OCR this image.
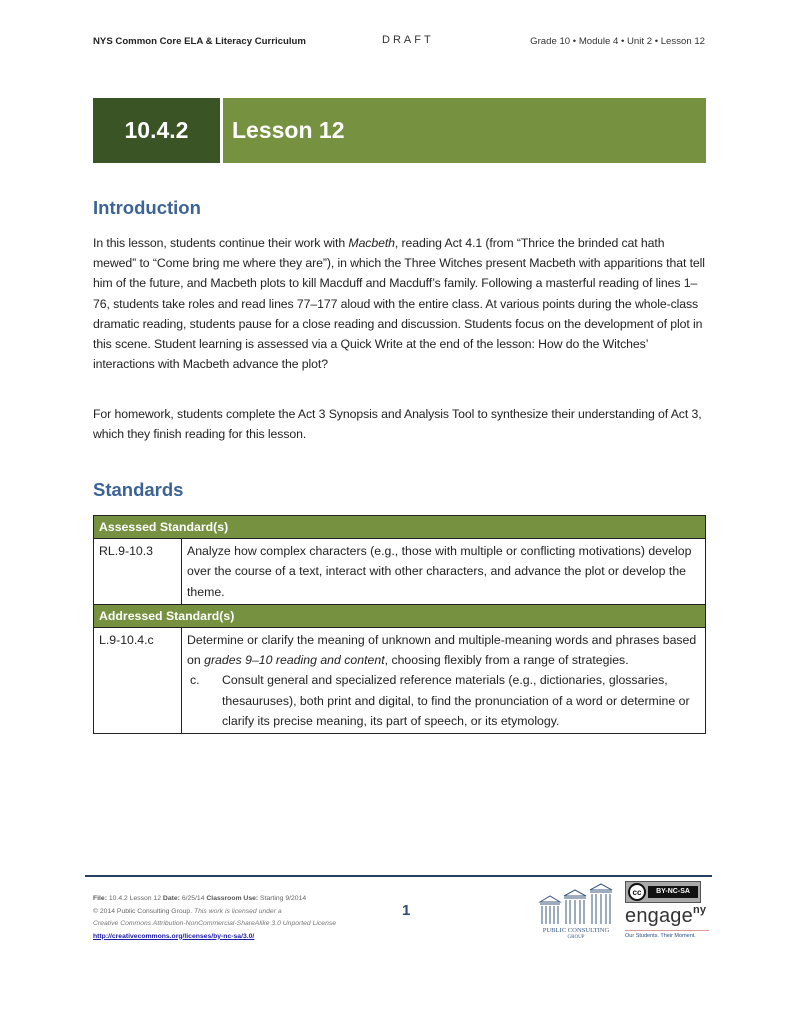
NYS Common Core ELA & Literacy Curriculum	DRAFT	Grade 10 • Module 4 • Unit 2 • Lesson 12
10.4.2	Lesson 12
Introduction

In this lesson, students continue their work with Macbeth, reading Act 4.1 (from “Thrice the brinded cat hath mewed” to “Come bring me where they are”), in which the Three Witches present Macbeth with apparitions that tell him of the future, and Macbeth plots to kill Macduff and Macduff’s family. Following a masterful reading of lines 1–76, students take roles and read lines 77–177 aloud with the entire class. At various points during the whole-class dramatic reading, students pause for a close reading and discussion. Students focus on the development of plot in this scene. Student learning is assessed via a Quick Write at the end of the lesson: How do the Witches’ interactions with Macbeth advance the plot?

For homework, students complete the Act 3 Synopsis and Analysis Tool to synthesize their understanding of Act 3, which they finish reading for this lesson.

Standards
Assessed Standard(s)	
RL.9-10.3	Analyze how complex characters (e.g., those with multiple or conflicting motivations) develop over the course of a text, interact with other characters, and advance the plot or develop the theme.
Addressed Standard(s)	
L.9-10.4.c	Determine or clarify the meaning of unknown and multiple-meaning words and phrases based on grades 9–10 reading and content, choosing flexibly from a range of strategies.
c. Consult general and specialized reference materials (e.g., dictionaries, glossaries, thesauruses), both print and digital, to find the pronunciation of a word or determine or clarify its precise meaning, its part of speech, or its etymology.
File: 10.4.2 Lesson 12 Date: 6/25/14 Classroom Use: Starting 9/2014
© 2014 Public Consulting Group. This work is licensed under a
Creative Commons Attribution-NonCommercial-ShareAlike 3.0 Unported License
http://creativecommons.org/licenses/by-nc-sa/3.0/
1
PUBLIC CONSULTING
GROUP
cc	BY-NC-SA
engage$^{ny}$
Our Students. Their Moment.
